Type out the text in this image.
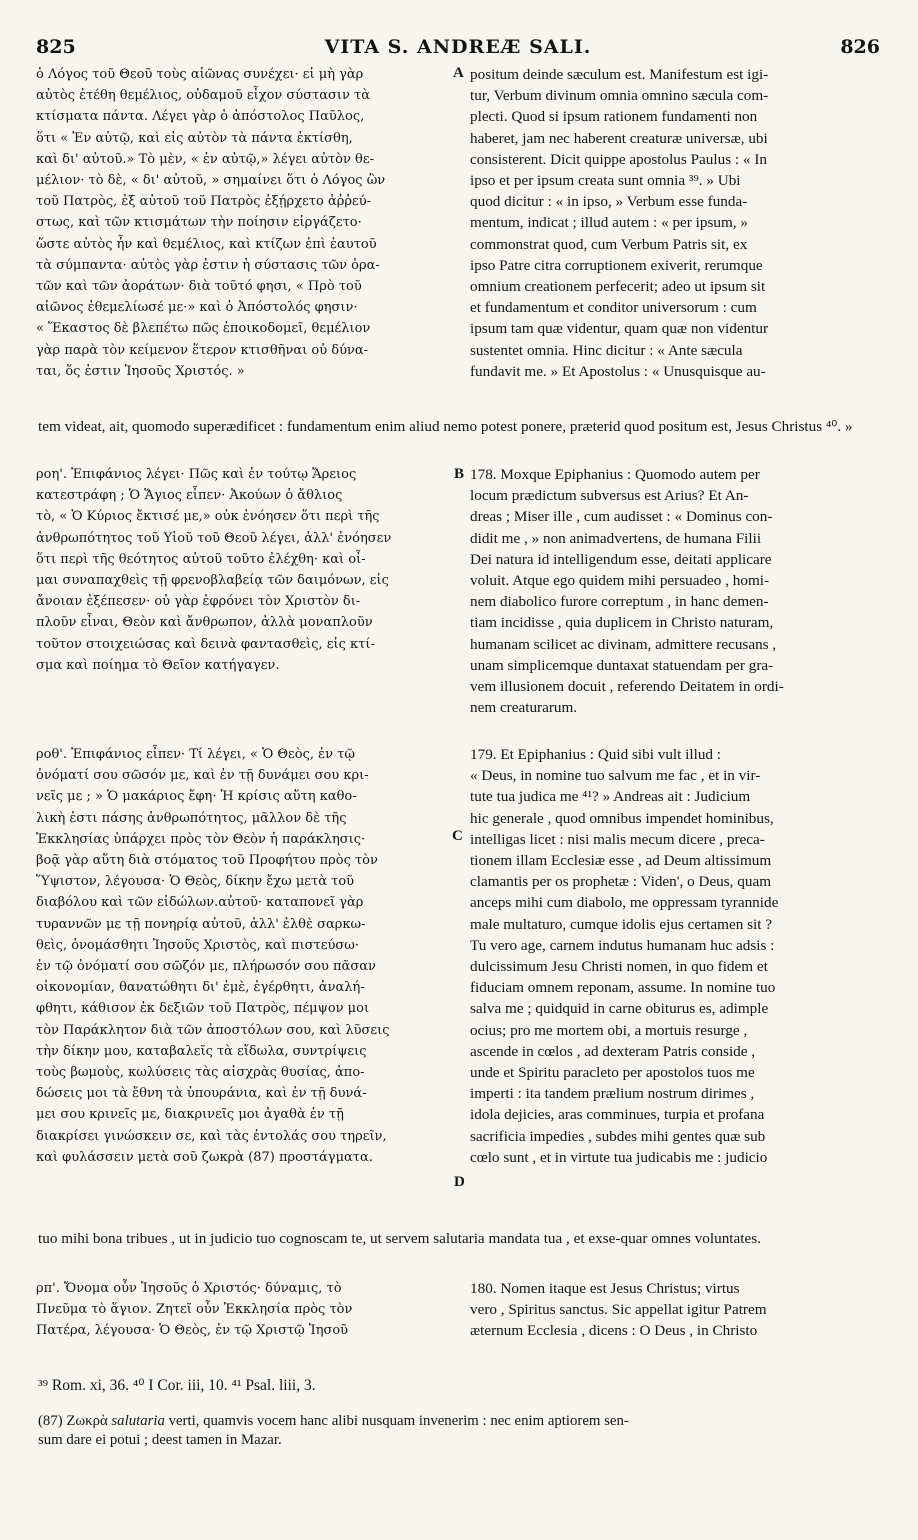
825	VITA S. ANDREÆ SALI.	826
ὁ Λόγος τοῦ Θεοῦ τοὺς αἰῶνας συνέχει· εἰ μὴ γὰρ
αὐτὸς ἐτέθη θεμέλιος, οὐδαμοῦ εἶχον σύστασιν τὰ
κτίσματα πάντα. Λέγει γὰρ ὁ ἀπόστολος Παῦλος,
ὅτι « Ἐν αὐτῷ, καὶ εἰς αὐτὸν τὰ πάντα ἐκτίσθη,
καὶ δι' αὐτοῦ.» Τὸ μὲν, « ἐν αὐτῷ,» λέγει αὐτὸν θε-
μέλιον· τὸ δὲ, « δι' αὐτοῦ, » σημαίνει ὅτι ὁ Λόγος ὢν
τοῦ Πατρὸς, ἐξ αὐτοῦ τοῦ Πατρὸς ἐξῄρχετο ἀῤῥεύ-
στως, καὶ τῶν κτισμάτων τὴν ποίησιν εἰργάζετο·
ὥστε αὐτὸς ἦν καὶ θεμέλιος, καὶ κτίζων ἐπὶ ἑαυτοῦ
τὰ σύμπαντα· αὐτὸς γὰρ ἐστιν ἡ σύστασις τῶν ὁρα-
τῶν καὶ τῶν ἀοράτων· διὰ τοῦτό φησι, « Πρὸ τοῦ
αἰῶνος ἐθεμελίωσέ με·» καὶ ὁ Ἀπόστολός φησιν·
« Ἕκαστος δὲ βλεπέτω πῶς ἐποικοδομεῖ, θεμέλιον
γὰρ παρὰ τὸν κείμενον ἕτερον κτισθῆναι οὐ δύνα-
ται, ὅς ἐστιν Ἰησοῦς Χριστός. »
A positum deinde sæculum est. Manifestum est igi-
tur, Verbum divinum omnia omnino sæcula com-
plecti. Quod si ipsum rationem fundamenti non
haberet, jam nec haberent creaturæ universæ, ubi
consisterent. Dicit quippe apostolus Paulus : « In
ipso et per ipsum creata sunt omnia ³⁹. » Ubi
quod dicitur : « in ipso, » Verbum esse funda-
mentum, indicat ; illud autem : « per ipsum, »
commonstrat quod, cum Verbum Patris sit, ex
ipso Patre citra corruptionem exiverit, rerumque
omnium creationem perfecerit; adeo ut ipsum sit
et fundamentum et conditor universorum : cum
ipsum tam quæ videntur, quam quæ non videntur
sustentet omnia. Hinc dicitur : « Ante sæcula
fundavit me. » Et Apostolus : « Unusquisque au-
tem videat, ait, quomodo superædificet : fundamentum enim aliud nemo potest ponere, præterid quod positum est, Jesus Christus ⁴⁰. »
ροη'. Ἐπιφάνιος λέγει· Πῶς καὶ ἐν τούτῳ Ἄρειος
κατεστράφη ; Ὁ Ἅγιος εἶπεν· Ἀκούων ὁ ἄθλιος
τὸ, « Ὁ Κύριος ἔκτισέ με,» οὐκ ἐνόησεν ὅτι περὶ τῆς
ἀνθρωπότητος τοῦ Υἱοῦ τοῦ Θεοῦ λέγει, ἀλλ' ἐνόησεν
ὅτι περὶ τῆς θεότητος αὐτοῦ τοῦτο ἐλέχθη· καὶ οἶ-
μαι συναπαχθεὶς τῇ φρενοβλαβείᾳ τῶν δαιμόνων, εἰς
ἄνοιαν ἐξέπεσεν· οὐ γὰρ ἐφρόνει τὸν Χριστὸν δι-
πλοῦν εἶναι, Θεὸν καὶ ἄνθρωπον, ἀλλὰ μοναπλοῦν
τοῦτον στοιχειώσας καὶ δεινὰ φαντασθεὶς, εἰς κτί-
σμα καὶ ποίημα τὸ Θεῖον κατήγαγεν.
B 178. Moxque Epiphanius : Quomodo autem per
locum prædictum subversus est Arius? Et An-
dreas ; Miser ille , cum audisset : « Dominus con-
didit me , » non animadvertens, de humana Filii
Dei natura id intelligendum esse, deitati applicare
voluit. Atque ego quidem mihi persuadeo , homi-
nem diabolico furore correptum , in hanc demen-
tiam incidisse , quia duplicem in Christo naturam,
humanam scilicet ac divinam, admittere recusans ,
unam simplicemque duntaxat statuendam per gra-
vem illusionem docuit , referendo Deitatem in ordi-
nem creaturarum.
ροθ'. Ἐπιφάνιος εἶπεν· Τί λέγει, « Ὁ Θεὸς, ἐν τῷ
ὀνόματί σου σῶσόν με, καὶ ἐν τῇ δυνάμει σου κρι-
νεῖς με ; » Ὁ μακάριος ἔφη· Ἡ κρίσις αὕτη καθο-
λικὴ ἐστι πάσης ἀνθρωπότητος, μᾶλλον δὲ τῆς
Ἐκκλησίας ὑπάρχει πρὸς τὸν Θεὸν ἡ παράκλησις·
βοᾷ γὰρ αὕτη διὰ στόματος τοῦ Προφήτου πρὸς τὸν
Ὕψιστον, λέγουσα· Ὁ Θεὸς, δίκην ἔχω μετὰ τοῦ
διαβόλου καὶ τῶν εἰδώλων.αὐτοῦ· καταπονεῖ γὰρ
τυραννῶν με τῇ πονηρίᾳ αὐτοῦ, ἀλλ' ἐλθὲ σαρκω-
θεὶς, ὀνομάσθητι Ἰησοῦς Χριστὸς, καὶ πιστεύσω·
ἐν τῷ ὀνόματί σου σῶζόν με, πλήρωσόν σου πᾶσαν
οἰκονομίαν, θανατώθητι δι' ἐμὲ, ἐγέρθητι, ἀναλή-
φθητι, κάθισον ἐκ δεξιῶν τοῦ Πατρὸς, πέμψον μοι
τὸν Παράκλητον διὰ τῶν ἀποστόλων σου, καὶ λῦσεις
τὴν δίκην μου, καταβαλεῖς τὰ εἴδωλα, συντρίψεις
τοὺς βωμοὺς, κωλύσεις τὰς αἰσχρὰς θυσίας, ἀπο-
δώσεις μοι τὰ ἔθνη τὰ ὑπουράνια, καὶ ἐν τῇ δυνά-
μει σου κρινεῖς με, διακρινεῖς μοι ἀγαθὰ ἐν τῇ
διακρίσει γινώσκειν σε, καὶ τὰς ἐντολάς σου τηρεῖν,
καὶ φυλάσσειν μετὰ σοῦ ζωκρὰ (87) προστάγματα.
C
D
179. Et Epiphanius : Quid sibi vult illud :
« Deus, in nomine tuo salvum me fac , et in vir-
tute tua judica me ⁴¹? » Andreas ait : Judicium
hic generale , quod omnibus impendet hominibus,
intelligas licet : nisi malis mecum dicere , preca-
tionem illam Ecclesiæ esse , ad Deum altissimum
clamantis per os prophetæ : Viden', o Deus, quam
anceps mihi cum diabolo, me oppressam tyrannide
male multaturo, cumque idolis ejus certamen sit ?
Tu vero age, carnem indutus humanam huc adsis :
dulcissimum Jesu Christi nomen, in quo fidem et
fiduciam omnem reponam, assume. In nomine tuo
salva me ; quidquid in carne obiturus es, adimple
ocius; pro me mortem obi, a mortuis resurge ,
ascende in cœlos , ad dexteram Patris conside ,
unde et Spiritu paracleto per apostolos tuos me
imperti : ita tandem prælium nostrum dirimes ,
idola dejicies, aras comminues, turpia et profana
sacrificia impedies , subdes mihi gentes quæ sub
cœlo sunt , et in virtute tua judicabis me : judicio
tuo mihi bona tribues , ut in judicio tuo cognoscam te, ut servem salutaria mandata tua , et exse-quar omnes voluntates.
ρπ'. Ὄνομα οὖν Ἰησοῦς ὁ Χριστός· δύναμις, τὸ
Πνεῦμα τὸ ἅγιον. Ζητεῖ οὖν Ἐκκλησία πρὸς τὸν
Πατέρα, λέγουσα· Ὁ Θεὸς, ἐν τῷ Χριστῷ Ἰησοῦ
180. Nomen itaque est Jesus Christus; virtus
vero , Spiritus sanctus. Sic appellat igitur Patrem
æternum Ecclesia , dicens : O Deus , in Christo
³⁹ Rom. xi, 36. ⁴⁰ I Cor. iii, 10. ⁴¹ Psal. liii, 3.
(87) Ζωκρὰ salutaria verti, quamvis vocem hanc alibi nusquam invenerim : nec enim aptiorem sen-
sum dare ei potui ; deest tamen in Mazar.
